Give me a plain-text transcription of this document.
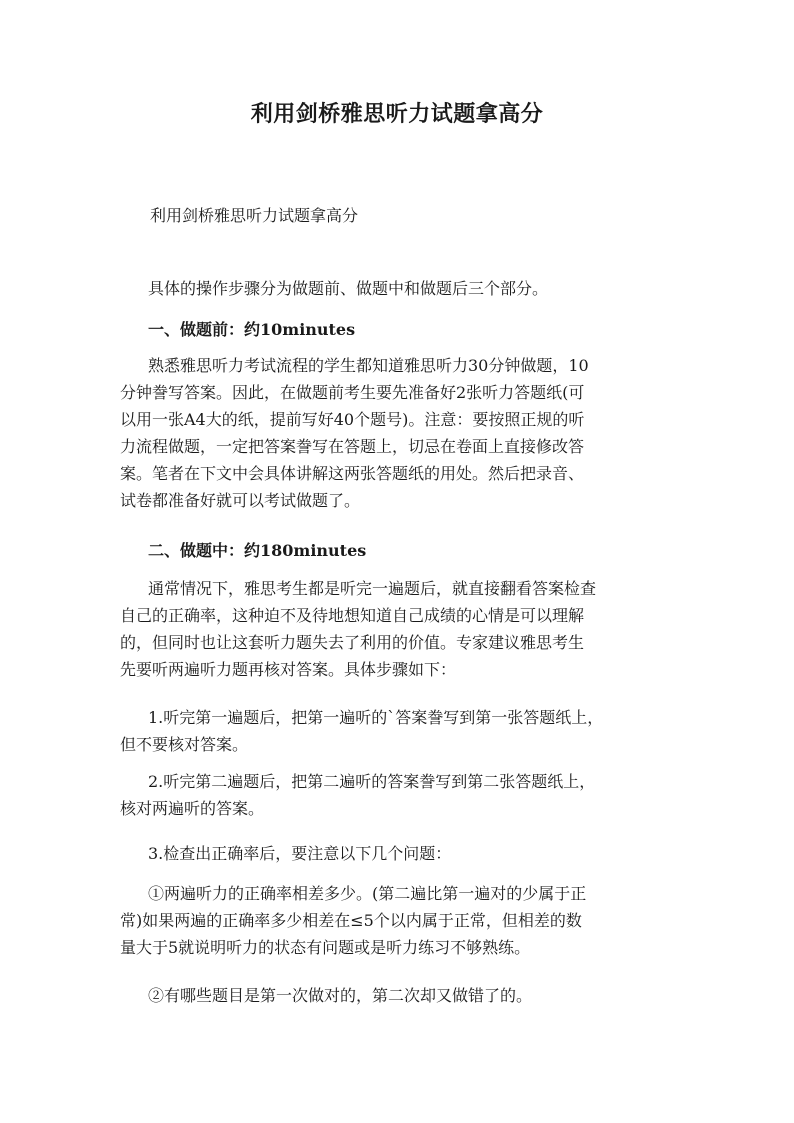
利用剑桥雅思听力试题拿高分
利用剑桥雅思听力试题拿高分
具体的操作步骤分为做题前、做题中和做题后三个部分。
一、做题前：约10minutes
熟悉雅思听力考试流程的学生都知道雅思听力30分钟做题，10
分钟誊写答案。因此，在做题前考生要先准备好2张听力答题纸(可
以用一张A4大的纸，提前写好40个题号)。注意：要按照正规的听
力流程做题，一定把答案誊写在答题上，切忌在卷面上直接修改答
案。笔者在下文中会具体讲解这两张答题纸的用处。然后把录音、
试卷都准备好就可以考试做题了。
二、做题中：约180minutes
通常情况下，雅思考生都是听完一遍题后，就直接翻看答案检查
自己的正确率，这种迫不及待地想知道自己成绩的心情是可以理解
的，但同时也让这套听力题失去了利用的价值。专家建议雅思考生
先要听两遍听力题再核对答案。具体步骤如下：
1.听完第一遍题后，把第一遍听的`答案誊写到第一张答题纸上，
但不要核对答案。
2.听完第二遍题后，把第二遍听的答案誊写到第二张答题纸上，
核对两遍听的答案。
3.检查出正确率后，要注意以下几个问题：
①两遍听力的正确率相差多少。(第二遍比第一遍对的少属于正
常)如果两遍的正确率多少相差在≤5个以内属于正常，但相差的数
量大于5就说明听力的状态有问题或是听力练习不够熟练。
②有哪些题目是第一次做对的，第二次却又做错了的。
